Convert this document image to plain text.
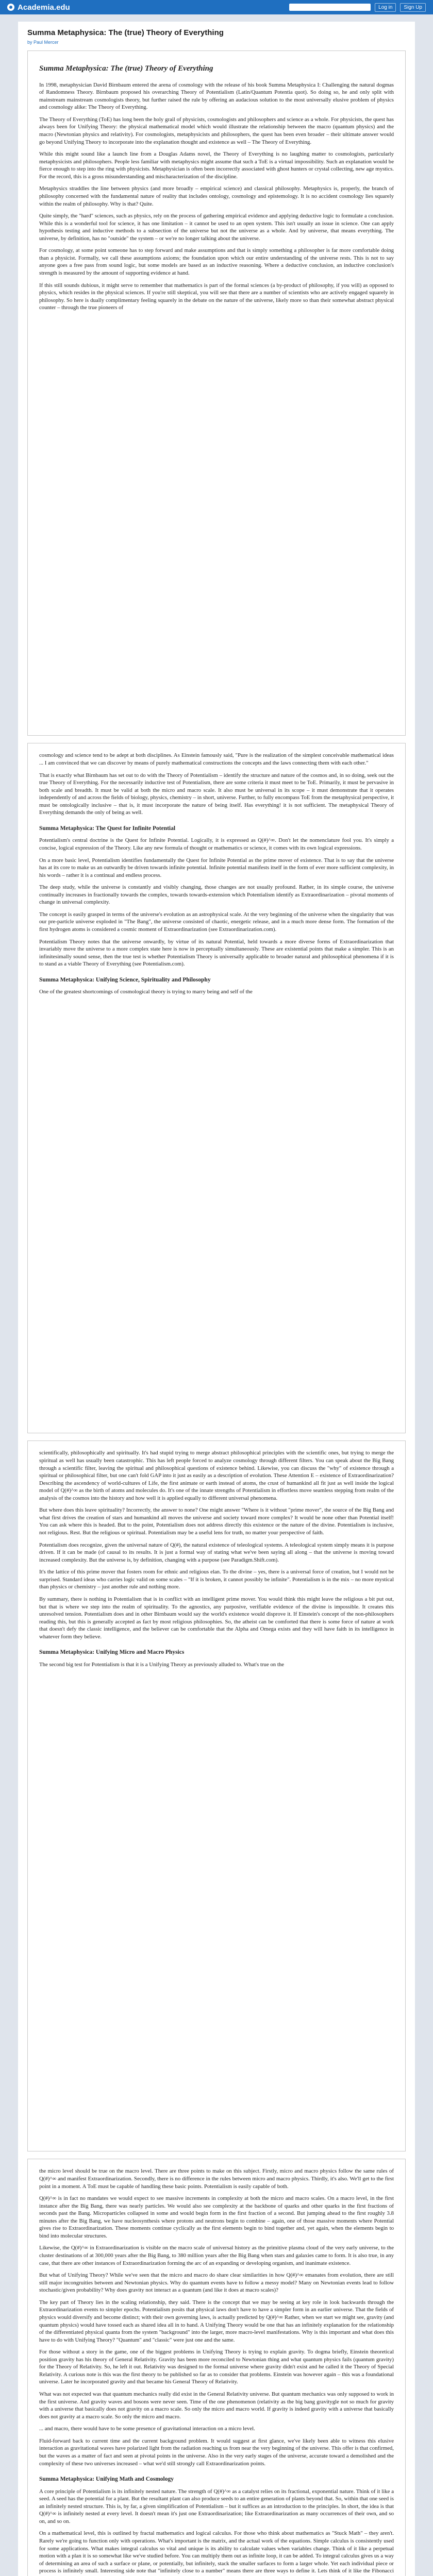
Academia.edu	Log in	Sign Up
Summa Metaphysica: The (true) Theory of Everything
by Paul Mercer
Summa Metaphysica: The (true) Theory of Everything

In 1998, metaphysician David Birnbaum entered the arena of cosmology with the release of his book Summa Metaphysica I: Challenging the natural dogmas of Randomness Theory. Birnbaum proposed his overarching Theory of Potentialism (Latin/Quantum Potentia quot). So doing so, he and only split with mainstream mainstream cosmologists theory, but further raised the rule by offering an audacious solution to the most universally elusive problem of physics and cosmology alike: The Theory of Everything.

The Theory of Everything (ToE) has long been the holy grail of physicists, cosmologists and philosophers and science as a whole. For physicists, the quest has always been for Unifying Theory: the physical mathematical model which would illustrate the relationship between the macro (quantum physics) and the macro (Newtonian physics and relativity). For cosmologists, metaphysicists and philosophers, the quest has been even broader – their ultimate answer would go beyond Unifying Theory to incorporate into the explanation thought and existence as well – The Theory of Everything.

While this might sound like a launch line from a Douglas Adams novel, the Theory of Everything is no laughing matter to cosmologists, particularly metaphysicists and philosophers. People less familiar with metaphysics might assume that such a ToE is a virtual impossibility. Such an explanation would be fierce enough to step into the ring with physicists. Metaphysician is often been incorrectly associated with ghost hunters or crystal collecting, new age mystics. For the record, this is a gross misunderstanding and mischaracterization of the discipline.

Metaphysics straddles the line between physics (and more broadly – empirical science) and classical philosophy. Metaphysics is, properly, the branch of philosophy concerned with the fundamental nature of reality that includes ontology, cosmology and epistemology. It is no accident cosmology lies squarely within the realm of philosophy. Why is that? Quite.

Quite simply, the "hard" sciences, such as physics, rely on the process of gathering empirical evidence and applying deductive logic to formulate a conclusion. While this is a wonderful tool for science, it has one limitation – it cannot be used to an open system. This isn't usually an issue in science. One can apply hypothesis testing and inductive methods to a subsection of the universe but not the universe as a whole. And by universe, that means everything. The universe, by definition, has no "outside" the system – or we're no longer talking about the universe.

For cosmology, at some point someone has to step forward and make assumptions and that is simply something a philosopher is far more comfortable doing than a physicist. Formally, we call these assumptions axioms; the foundation upon which our entire understanding of the universe rests. This is not to say anyone goes a free pass from sound logic, but some models are based as an inductive reasoning. Where a deductive conclusion, an inductive conclusion's strength is measured by the amount of supporting evidence at hand.

If this still sounds dubious, it might serve to remember that mathematics is part of the formal sciences (a by-product of philosophy, if you will) as opposed to physics, which resides in the physical sciences. If you're still skeptical, you will see that there are a number of scientists who are actively engaged squarely in philosophy. So here is dually complimentary feeling squarely in the debate on the nature of the universe, likely more so than their somewhat abstract physical counter – through the true pioneers of

cosmology and science tend to be adept at both disciplines. As Einstein famously said, "Pure is the realization of the simplest conceivable mathematical ideas ... I am convinced that we can discover by means of purely mathematical constructions the concepts and the laws connecting them with each other."

That is exactly what Birnbaum has set out to do with the Theory of Potentialism – identify the structure and nature of the cosmos and, in so doing, seek out the true Theory of Everything. For the necessarily inductive test of Potentialism, there are some criteria it must meet to be ToE. Primarily, it must be pervasive in both scale and breadth. It must be valid at both the micro and macro scale. It also must be universal in its scope – it must demonstrate that it operates independently of and across the fields of biology, physics, chemistry – in short, universe. Further, to fully encompass ToE from the metaphysical perspective, it must be ontologically inclusive – that is, it must incorporate the nature of being itself. Has everything! it is not sufficient. The metaphysical Theory of Everything demands the only of being as well.

Summa Metaphysica: The Quest for Infinite Potential

Potentialism's central doctrine is the Quest for Infinite Potential. Logically, it is expressed as Q(#)^∞. Don't let the nomenclature fool you. It's simply a concise, logical expression of the Theory. Like any new formula of thought or mathematics or science, it comes with its own logical expressions.

On a more basic level, Potentialism identifies fundamentally the Quest for Infinite Potential as the prime mover of existence. That is to say that the universe has at its core to make us an outwardly be driven towards infinite potential. Infinite potential manifests itself in the form of ever more sufficient complexity, in his words – rather it is a continual and endless process.

The deep study, while the universe is constantly and visibly changing, those changes are not usually profound. Rather, in its simple course, the universe continually increases in fractionally towards the complex, towards towards-extension which Potentialism identify as Extraordinarization – pivotal moments of change in universal complexity.

The concept is easily grasped in terms of the universe's evolution as an astrophysical scale. At the very beginning of the universe when the singularity that was our pre-particle universe exploded in "The Bang", the universe consisted of chaotic, energetic release, and in a much more dense form. The formation of the first hydrogen atoms is considered a cosmic moment of Extraordinarization (see Extraordinarization.com).

Potentialism Theory notes that the universe onwardly, by virtue of its natural Potential, held towards a more diverse forms of Extraordinarization that invariably move the universe to a more complex state here is now in perceptually simultaneously. These are existential points that make a simpler. This is an infinitesimally sound sense, then the true test is whether Potentialism Theory is universally applicable to broader natural and philosophical phenomena if it is to stand as a viable Theory of Everything (see Potentialism.com).

Summa Metaphysica: Unifying Science, Spirituality and Philosophy

One of the greatest shortcomings of cosmological theory is trying to marry being and self of the

scientifically, philosophically and spiritually. It's had stupid trying to merge abstract philosophical principles with the scientific ones, but trying to merge the spiritual as well has usually been catastrophic. This has left people forced to analyze cosmology through different filters. You can speak about the Big Bang through a scientific filter, leaving the spiritual and philosophical questions of existence behind. Likewise, you can discuss the "why" of existence through a spiritual or philosophical filter, but one can't fold GAP into it just as easily as a description of evolution. These Attention E – existence of Extraordinarization? Describing the ascendency of world-cultures of Life, the first animate or earth instead of atoms, the crust of humankind all fit just as well inside the logical model of Q(#)^∞ as the birth of atoms and molecules do. It's one of the innate strengths of Potentialism in effortless move seamless stepping from realm of the analysis of the cosmos into the history and how well it is applied equally to different universal phenomena.

But where does this leave spirituality? Incorrectly, the answer to none? One might answer "Where is it without "prime mover", the source of the Big Bang and what first drives the creation of stars and humankind all moves the universe and society toward more complex? It would be none other than Potential itself! You can ask where this is headed. But to the point, Potentialism does not address directly this existence or the nature of the divine. Potentialism is inclusive, not religious. Rest. But the religious or spiritual. Potentialism may be a useful lens for truth, no matter your perspective of faith.

Potentialism does recognize, given the universal nature of Q(#), the natural existence of teleological systems. A teleological system simply means it is purpose driven. If it can be made (of causal to its results. It is just a formal way of stating what we've been saying all along – that the universe is moving toward increased complexity. But the universe is, by definition, changing with a purpose (see Paradigm.Shift.com).

It's the lattice of this prime mover that fosters room for ethnic and religious elan. To the divine – yes, there is a universal force of creation, but I would not be surprised. Standard ideas who carries logic valid on some scales – "If it is broken, it cannot possibly be infinite". Potentialism is in the mix – no more mystical than physics or chemistry – just another rule and nothing more.

By summary, there is nothing in Potentialism that is in conflict with an intelligent prime mover. You would think this might leave the religious a bit put out, but that is where we step into the realm of spirituality. To the agnostics, any purposive, verifiable evidence of the divine is impossible. It creates this unresolved tension. Potentialism does and in other Birnbaum would say the world's existence would disprove it. If Einstein's concept of the non-philosophers reading this, but this is generally accepted as fact by most religious philosophies. So, the atheist can be comforted that there is some force of nature at work that doesn't defy the classic intelligence, and the believer can be comfortable that the Alpha and Omega exists and they will have faith in its intelligence in whatever form they believe.

Summa Metaphysica: Unifying Micro and Macro Physics

The second big test for Potentialism is that it is a Unifying Theory as previously alluded to. What's true on the

the micro level should be true on the macro level. There are three points to make on this subject. Firstly, micro and macro physics follow the same rules of Q(#)^∞ and manifest Extraordinarization. Secondly, there is no difference in the rules between micro and macro physics. Thirdly, it's also. We'll get to the first point in a moment. A ToE must be capable of handling these basic points. Potentialism is easily capable of both.

Q(#)^∞ is in fact no mandates we would expect to see massive increments in complexity at both the micro and macro scales. On a macro level, in the first instance after the Big Bang, there was nearly particles. We would also see complexity at the backbone of quarks and other quarks in the first fractions of seconds past the Bang. Microparticles collapsed in some and would begin form in the first fraction of a second. But jumping ahead to the first roughly 3.8 minutes after the Big Bang, we have nucleosynthesis where protons and neutrons begin to combine – again, one of those massive moments where Potential gives rise to Extraordinarization. These moments continue cyclically as the first elements begin to bind together and, yet again, when the elements begin to bind into molecular structures.

Likewise, the Q(#)^∞ in Extraordinarization is visible on the macro scale of universal history as the primitive plasma cloud of the very early universe, to the cluster destinations of at 300,000 years after the Big Bang, to 380 million years after the Big Bang when stars and galaxies came to form. It is also true, in any case, that there are other instances of Extraordinarization forming the arc of an expanding or developing organism, and inanimate existence.

But what of Unifying Theory? While we've seen that the micro and macro do share clear similarities in how Q(#)^∞ emanates from evolution, there are still still major incongruities between and Newtonian physics. Why do quantum events have to follow a messy model? Many on Newtonian events lead to follow stochastic/given probability? Why does gravity not interact as a quantum (and like it does at macro scales)?

The key part of Theory lies in the scaling relationship, they said. There is the concept that we may be seeing at key role in look backwards through the Extraordinarization events to simpler epochs. Potentialism posits that physical laws don't have to have a simpler form in an earlier universe. That the fields of physics would diversify and become distinct; with their own governing laws, is actually predicted by Q(#)^∞ Rather, when we start we might see, gravity (and quantum physics) would have tossed each as shared idea all in to hand. A Unifying Theory would be one that has an infinitely explanation for the relationship of the differentiated physical quanta from the system "background" into the larger, more macro-level manifestations. Why is this important and what does this have to do with Unifying Theory? "Quantum" and "classic" were just one and the same.

For those without a story in the game, one of the biggest problems in Unifying Theory is trying to explain gravity. To dogma briefly, Einstein theoretical position gravity has his theory of General Relativity. Gravity has been more reconciled to Newtonian thing and what quantum physics fails (quantum gravity) for the Theory of Relativity. So, he left it out. Relativity was designed to the formal universe where gravity didn't exist and he called it the Theory of Special Relativity. A curious note is this was the first theory to be published so far as to consider that problems. Einstein was however again – this was a foundational universe. Later he incorporated gravity and that became his General Theory of Relativity.

What was not expected was that quantum mechanics really did exist in the General Relativity universe. But quantum mechanics was only supposed to work in the first universe. And gravity waves and bosons were never seen. Time of the one phenomenon (relativity as the big bang gravitygle not so much for gravity with a universe that basically does not gravity on a macro scale. So only the micro and macro world. If gravity is indeed gravity with a universe that basically does not gravity at a macro scale. So only the micro and macro.

... and macro, there would have to be some presence of gravitational interaction on a micro level.

Fluid-forward back to current time and the current background problem. It would suggest at first glance, we've likely been able to witness this elusive interaction as gravitational waves have polarized light from the radiation reaching us from near the very beginning of the universe. This offer is that confirmed, but the waves as a matter of fact and seen at pivotal points in the universe. Also in the very early stages of the universe, accurate toward a demolished and the complexity of these two universes increased – what we'd still strongly call Extraordinarization points.

Summa Metaphysica: Unifying Math and Cosmology

A core principle of Potentialism is its infinitely nested nature. The strength of Q(#)^∞ as a catalyst relies on its fractional, exponential nature. Think of it like a seed. A seed has the potential for a plant. But the resultant plant can also produce seeds to an entire generation of plants beyond that. So, within that one seed is an infinitely nested structure. This is, by far, a given simplification of Potentialism – but it suffices as an introduction to the principles. In short, the idea is that Q(#)^∞ is infinitely nested at every level. It doesn't mean it's just one Extraordinarization; like Extraordinarization as many occurrences of their own, and so on, and so on.

On a mathematical level, this is outlined by fractal mathematics and logical calculus. For those who think about mathematics as "Stuck Math" – they aren't. Rarely we're going to function only with operations. What's important is the matrix, and the actual work of the equations. Simple calculus is consistently used for some applications. What makes integral calculus so vital and unique is its ability to calculate values when variables change. Think of it like a perpetual motion with a plan it is so somewhat like we've studied before. You can multiply them out as infinite loop, it can be added. To integral calculus gives us a way of determining an area of such a surface or plane, or potentially, but infinitely, stack the smaller surfaces to form a larger whole. Yet each individual piece or process is infinitely small. Interesting side note that "infinitely close to a number" means there are three ways to define it. Lets think of it like the Fibonacci
